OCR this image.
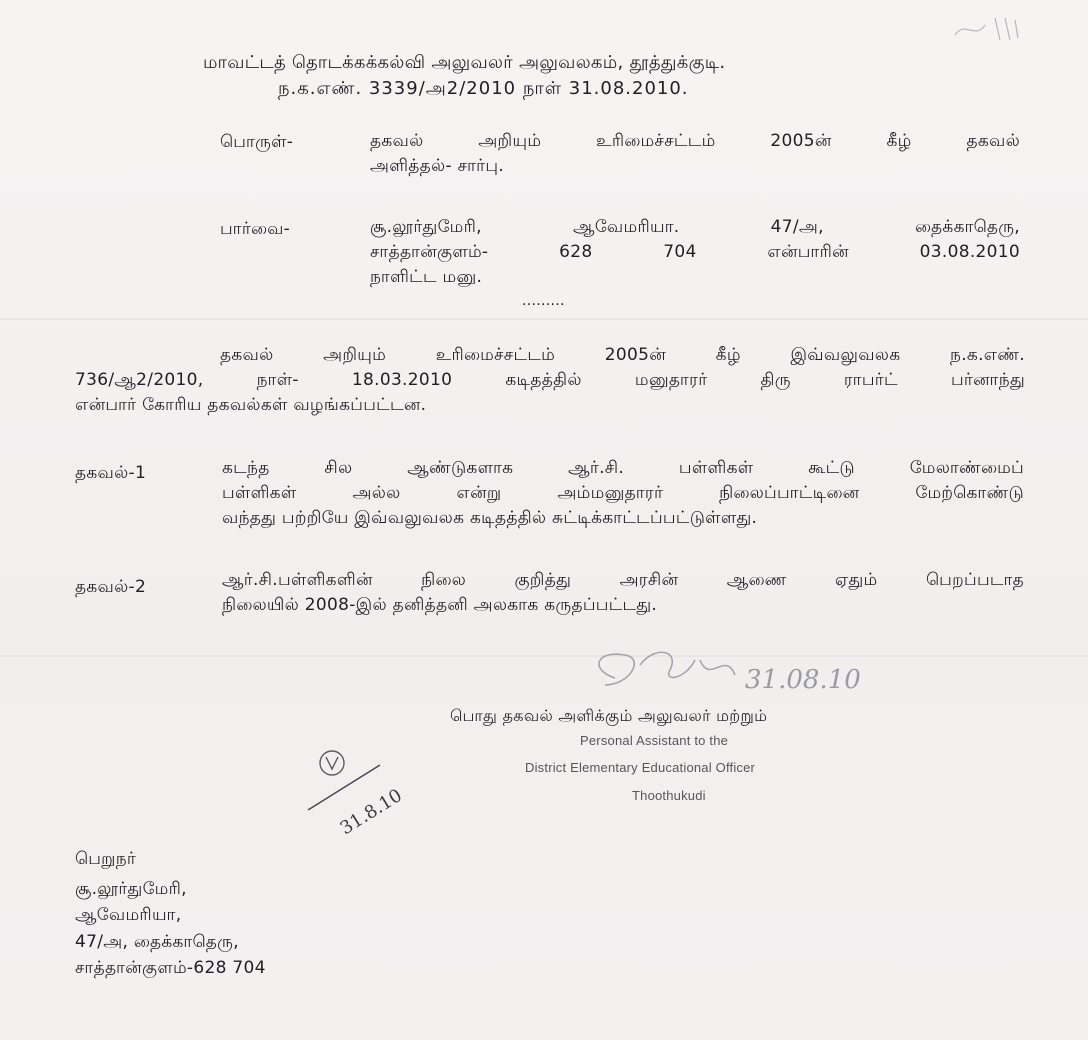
மாவட்டத் தொடக்கக்கல்வி அலுவலர் அலுவலகம், தூத்துக்குடி.
ந.க.எண். 3339/அ2/2010 நாள் 31.08.2010.
பொருள்-	தகவல் அறியும் உரிமைச்சட்டம் 2005ன் கீழ் தகவல்
அளித்தல்- சார்பு.
பார்வை-	சூ.லூர்துமேரி, ஆவேமரியா. 47/அ, தைக்காதெரு,
சாத்தான்குளம்- 628 704 என்பாரின் 03.08.2010
நாளிட்ட மனு.
.........
தகவல் அறியும் உரிமைச்சட்டம் 2005ன் கீழ் இவ்வலுவலக ந.க.எண்.
736/ஆ2/2010, நாள்- 18.03.2010 கடிதத்தில் மனுதாரர் திரு ராபர்ட் பர்னாந்து
என்பார் கோரிய தகவல்கள் வழங்கப்பட்டன.
தகவல்-1	கடந்த சில ஆண்டுகளாக ஆர்.சி. பள்ளிகள் கூட்டு மேலாண்மைப்
பள்ளிகள் அல்ல என்று அம்மனுதாரர் நிலைப்பாட்டினை மேற்கொண்டு
வந்தது பற்றியே இவ்வலுவலக கடிதத்தில் சுட்டிக்காட்டப்பட்டுள்ளது.
தகவல்-2	ஆர்.சி.பள்ளிகளின் நிலை குறித்து அரசின் ஆணை ஏதும் பெறப்படாத
நிலையில் 2008-இல் தனித்தனி அலகாக கருதப்பட்டது.
31.08.10
பொது தகவல் அளிக்கும் அலுவலர் மற்றும்
Personal Assistant to the
District Elementary Educational Officer
Thoothukudi
31.8.10
பெறுநர்
சூ.லூர்துமேரி,
ஆவேமரியா,
47/அ, தைக்காதெரு,
சாத்தான்குளம்-628 704
